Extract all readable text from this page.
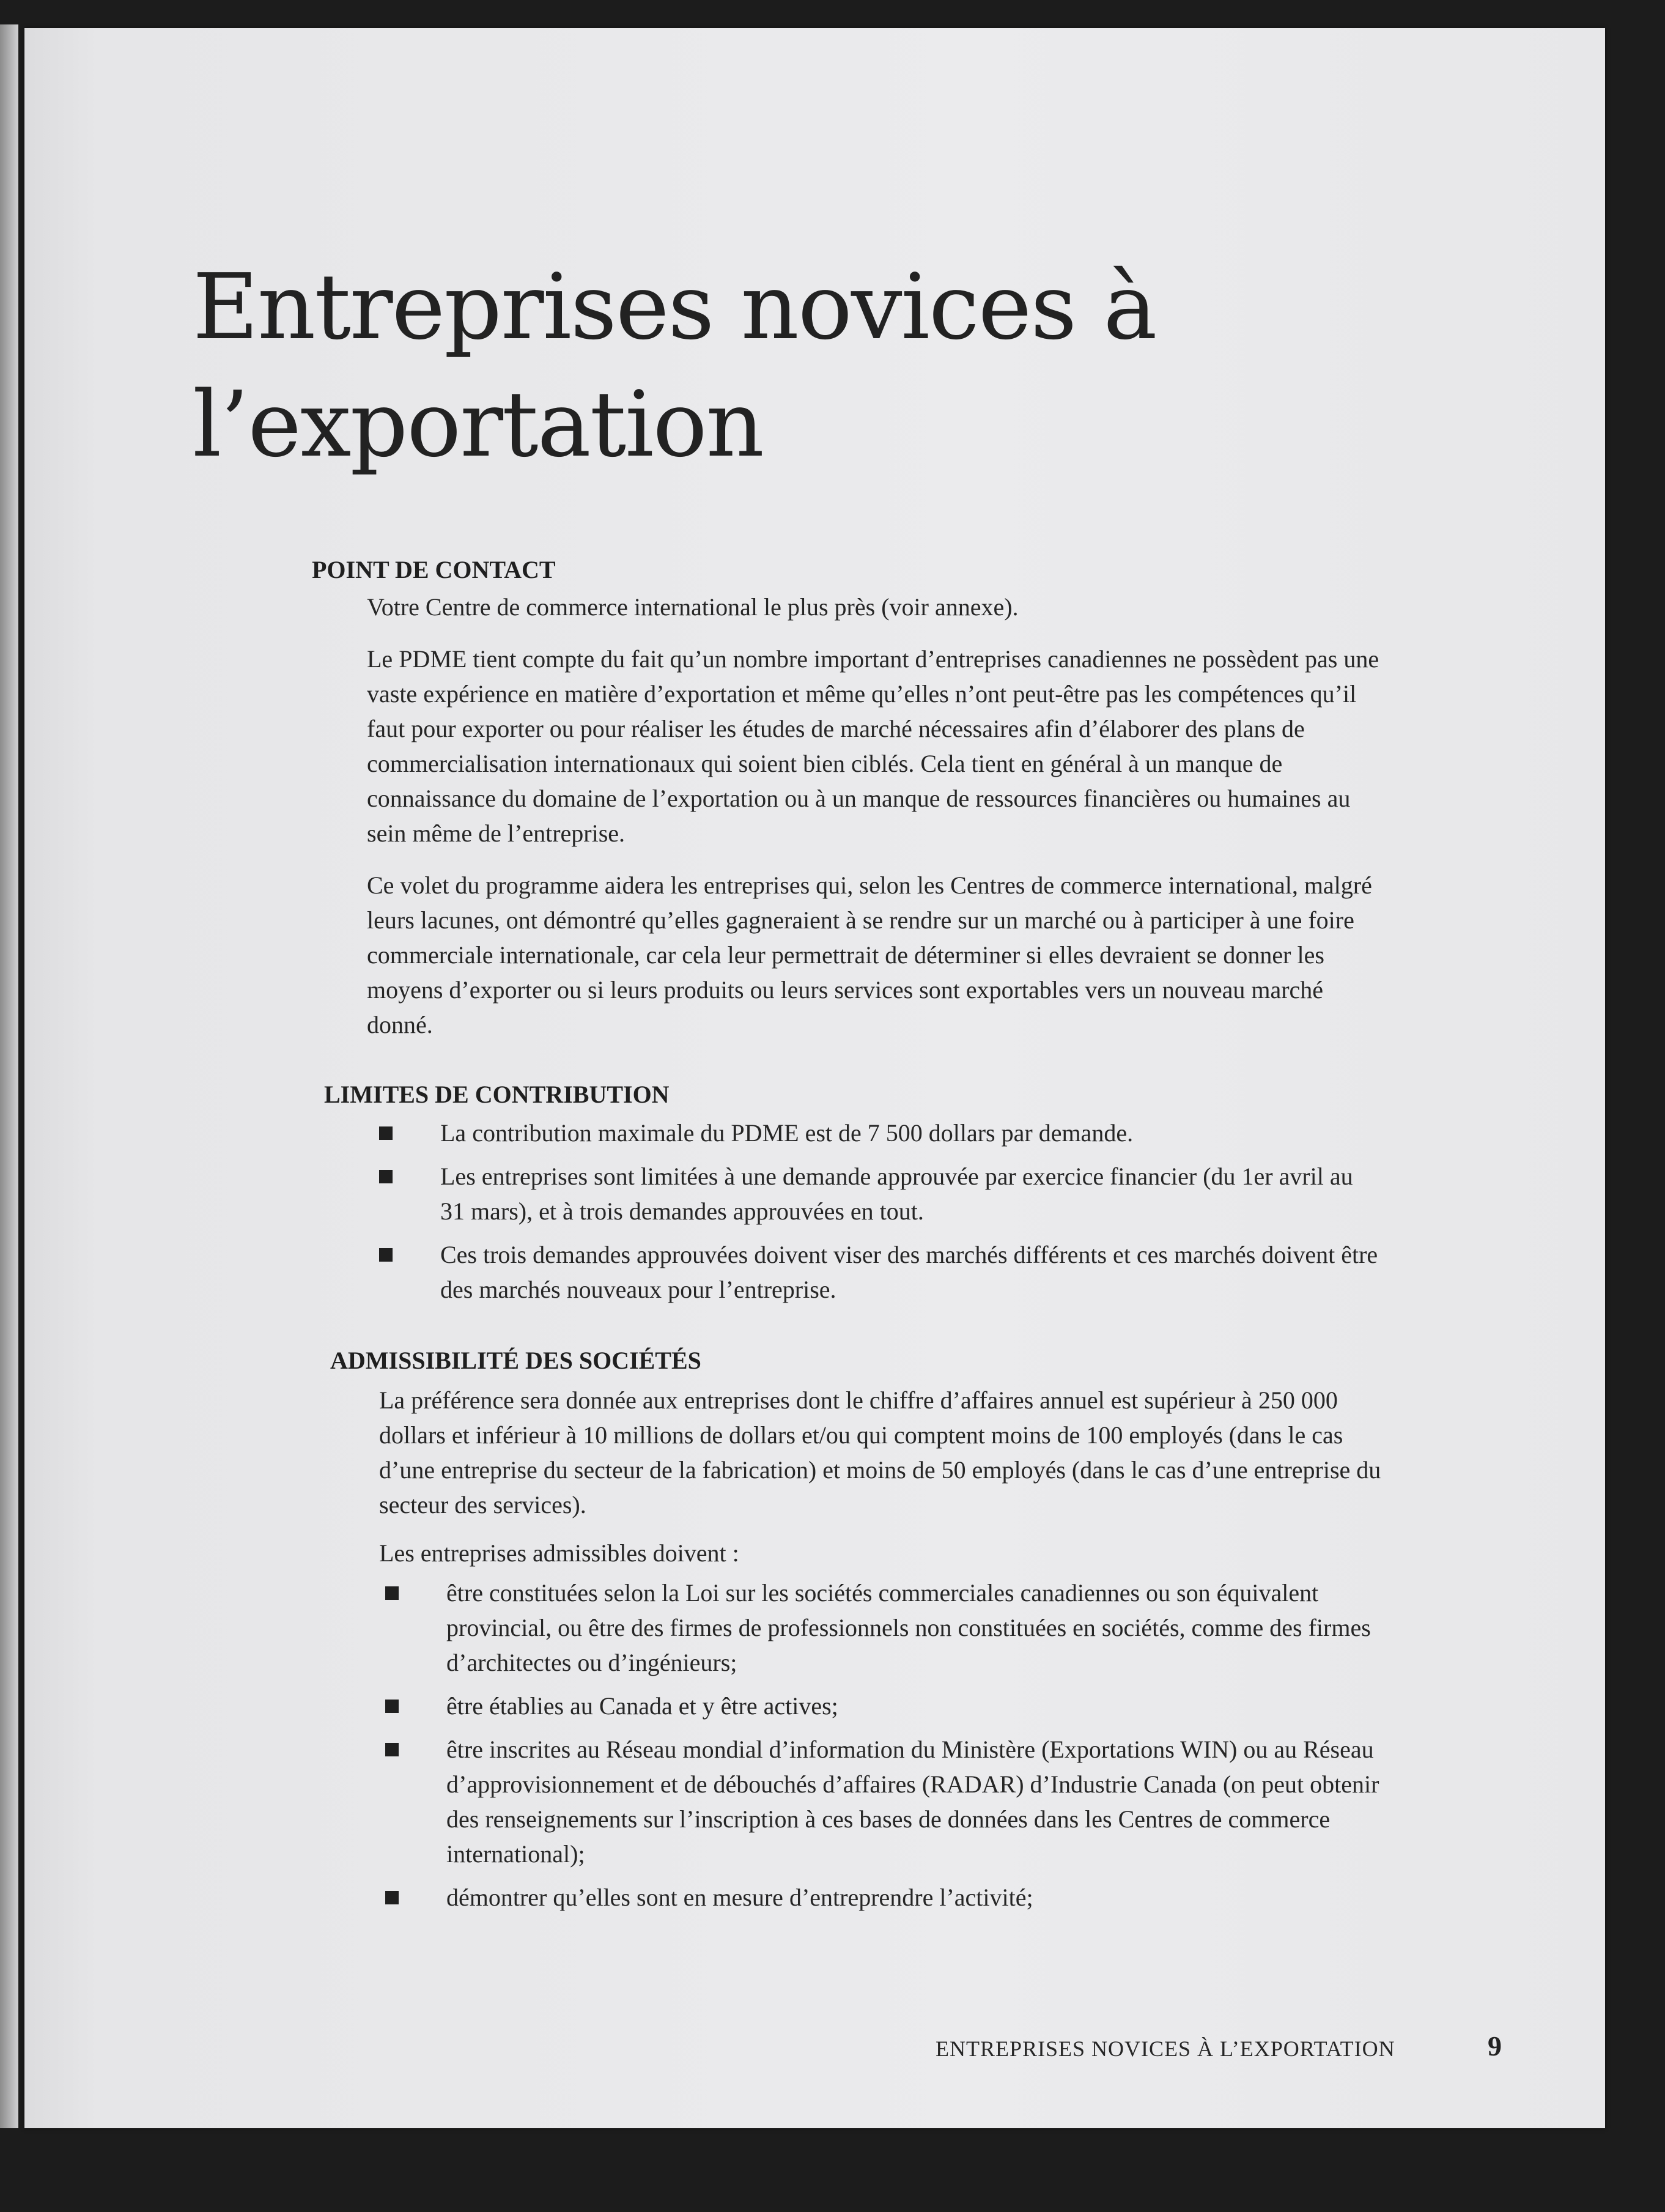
Entreprises novices à
l’exportation
POINT DE CONTACT

Votre Centre de commerce international le plus près (voir annexe).

Le PDME tient compte du fait qu’un nombre important d’entreprises canadiennes ne possèdent pas une vaste expérience en matière d’exportation et même qu’elles n’ont peut-être pas les compétences qu’il faut pour exporter ou pour réaliser les études de marché nécessaires afin d’élaborer des plans de commercialisation internationaux qui soient bien ciblés. Cela tient en général à un manque de connaissance du domaine de l’exportation ou à un manque de ressources financières ou humaines au sein même de l’entreprise.

Ce volet du programme aidera les entreprises qui, selon les Centres de commerce international, malgré leurs lacunes, ont démontré qu’elles gagneraient à se rendre sur un marché ou à participer à une foire commerciale internationale, car cela leur permettrait de déterminer si elles devraient se donner les moyens d’exporter ou si leurs produits ou leurs services sont exportables vers un nouveau marché donné.

LIMITES DE CONTRIBUTION
La contribution maximale du PDME est de 7 500 dollars par demande.
Les entreprises sont limitées à une demande approuvée par exercice financier (du 1er avril au 31 mars), et à trois demandes approuvées en tout.
Ces trois demandes approuvées doivent viser des marchés différents et ces marchés doivent être des marchés nouveaux pour l’entreprise.
ADMISSIBILITÉ DES SOCIÉTÉS

La préférence sera donnée aux entreprises dont le chiffre d’affaires annuel est supérieur à 250 000 dollars et inférieur à 10 millions de dollars et/ou qui comptent moins de 100 employés (dans le cas d’une entreprise du secteur de la fabrication) et moins de 50 employés (dans le cas d’une entreprise du secteur des services).

Les entreprises admissibles doivent :

être constituées selon la Loi sur les sociétés commerciales canadiennes ou son équivalent provincial, ou être des firmes de professionnels non constituées en sociétés, comme des firmes d’architectes ou d’ingénieurs;
être établies au Canada et y être actives;
être inscrites au Réseau mondial d’information du Ministère (Exportations WIN) ou au Réseau d’approvisionnement et de débouchés d’affaires (RADAR) d’Industrie Canada (on peut obtenir des renseignements sur l’inscription à ces bases de données dans les Centres de commerce international);
démontrer qu’elles sont en mesure d’entreprendre l’activité;
ENTREPRISES NOVICES À L’EXPORTATION	9
